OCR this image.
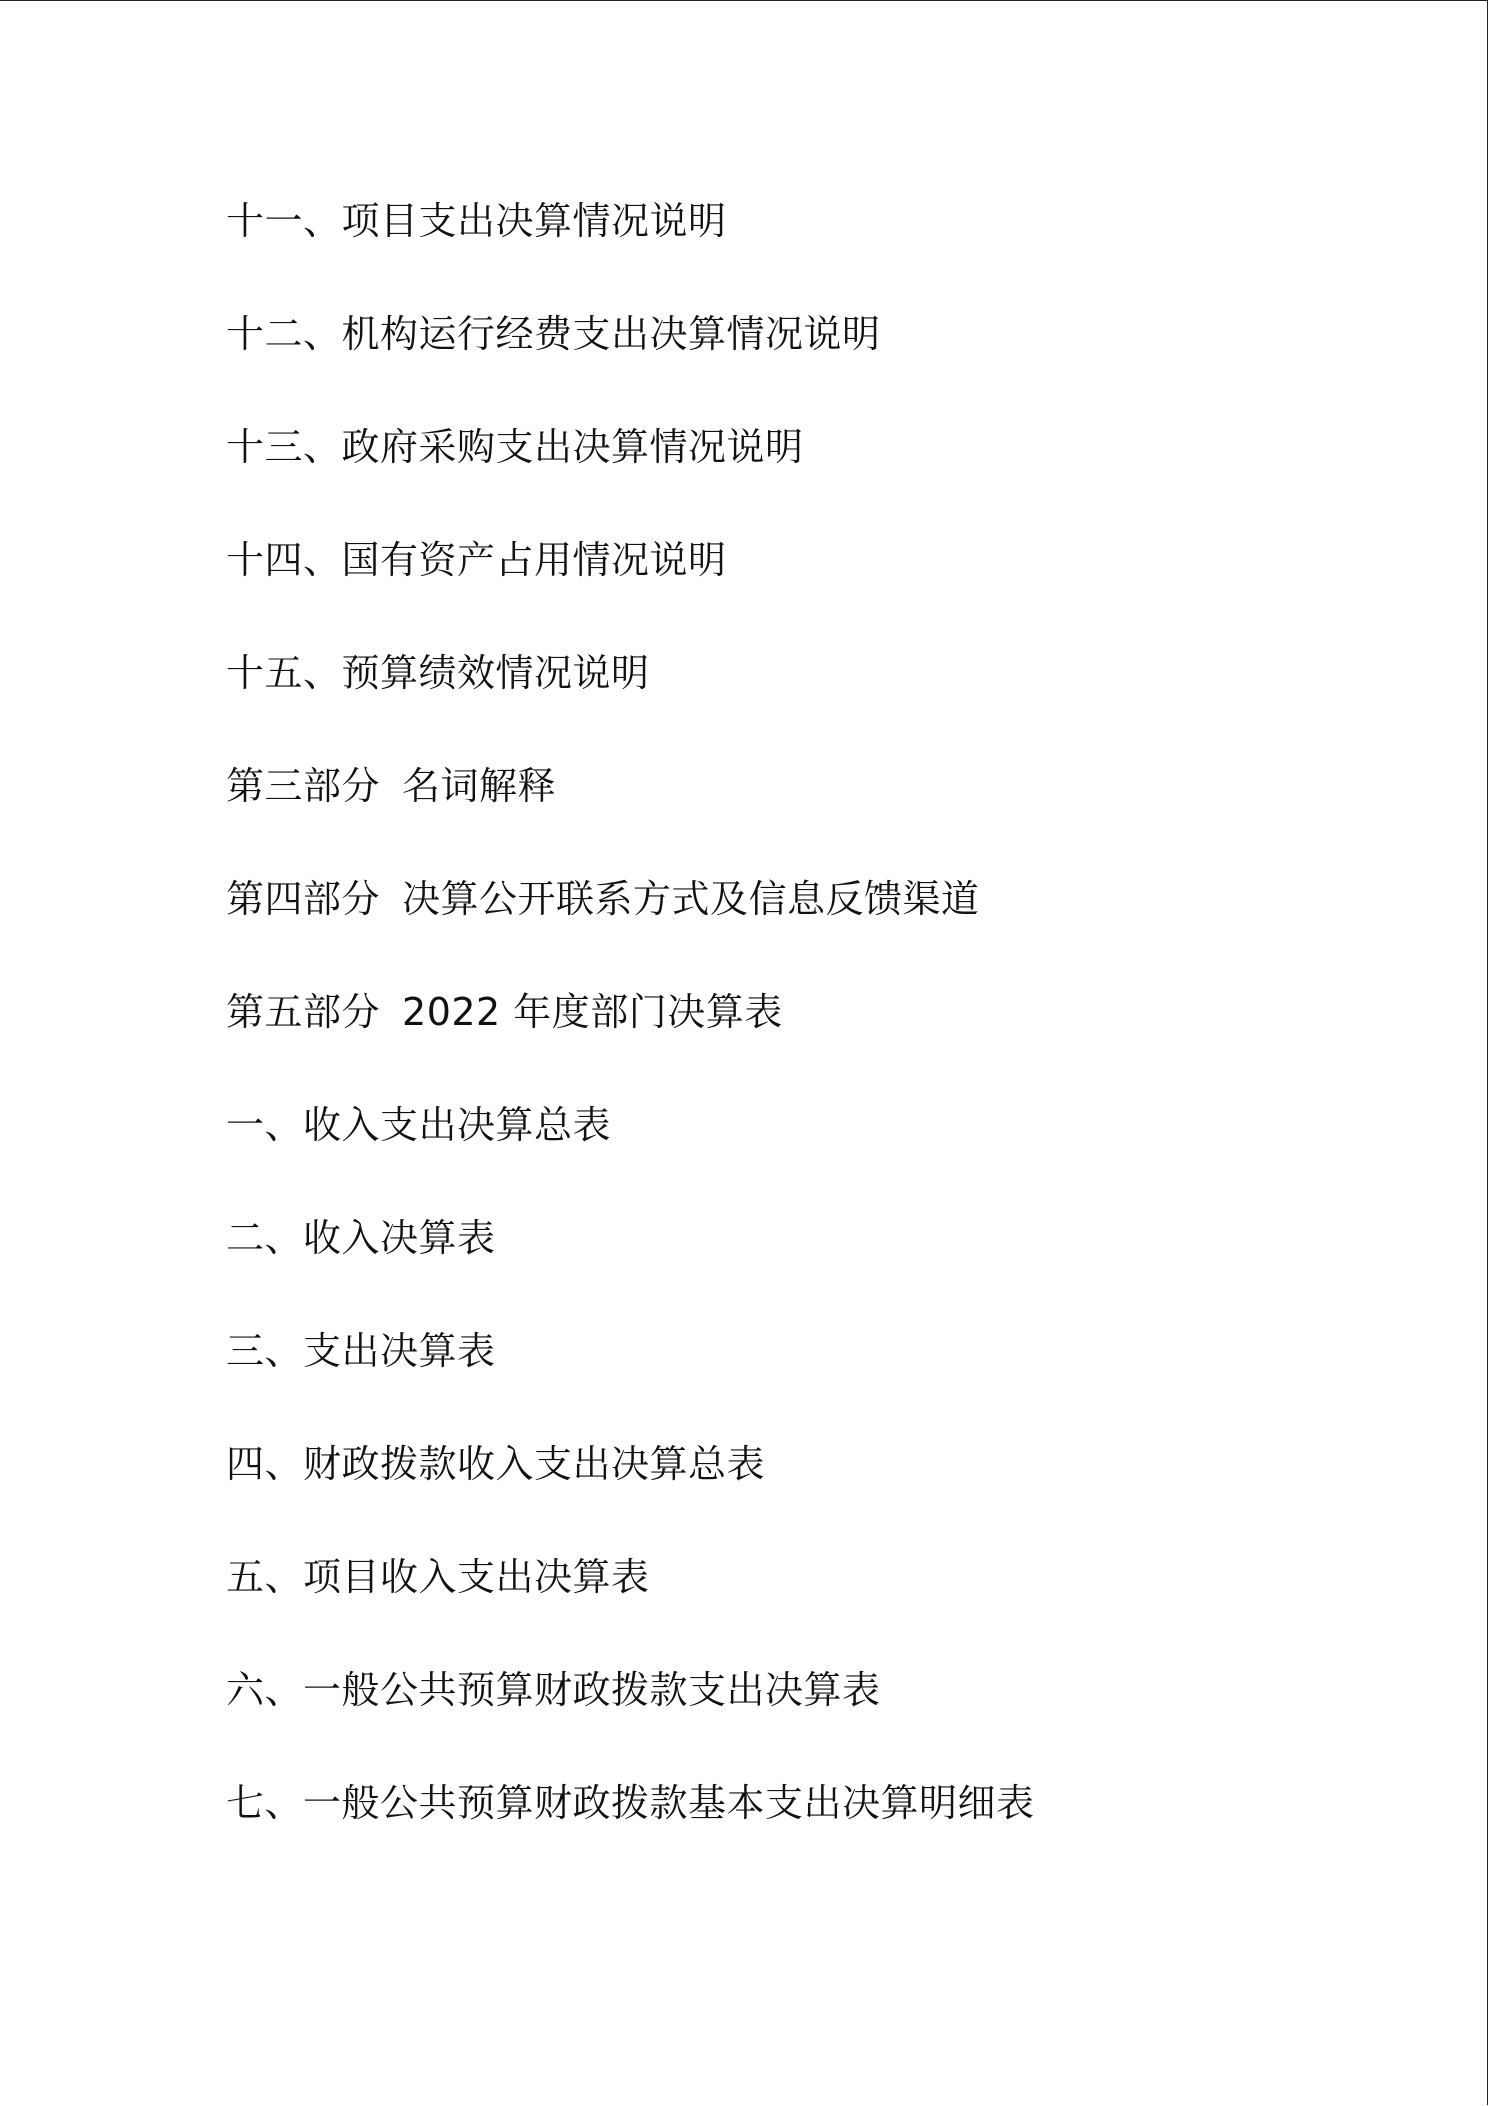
十一、项目支出决算情况说明
十二、机构运行经费支出决算情况说明
十三、政府采购支出决算情况说明
十四、国有资产占用情况说明
十五、预算绩效情况说明
第三部分 名词解释
第四部分 决算公开联系方式及信息反馈渠道
第五部分 2022 年度部门决算表
一、收入支出决算总表
二、收入决算表
三、支出决算表
四、财政拨款收入支出决算总表
五、项目收入支出决算表
六、一般公共预算财政拨款支出决算表
七、一般公共预算财政拨款基本支出决算明细表
